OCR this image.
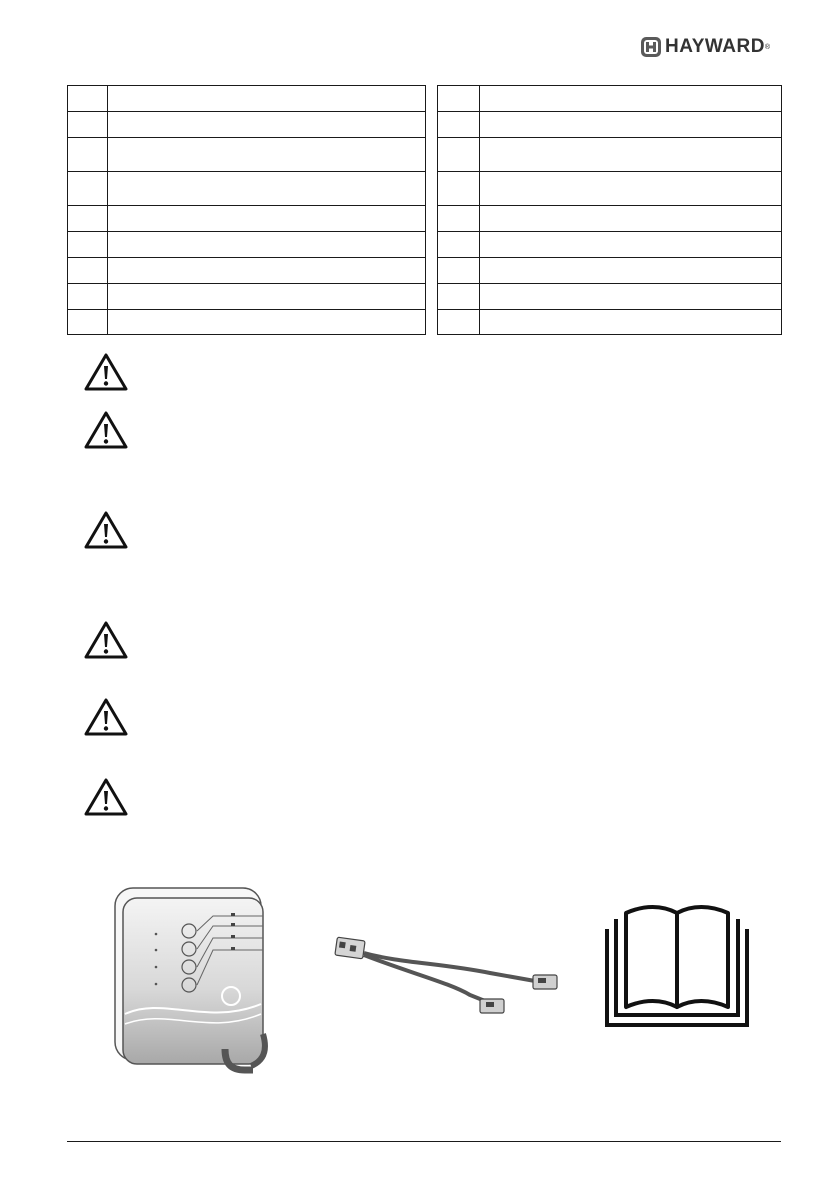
HAYWARD ®
